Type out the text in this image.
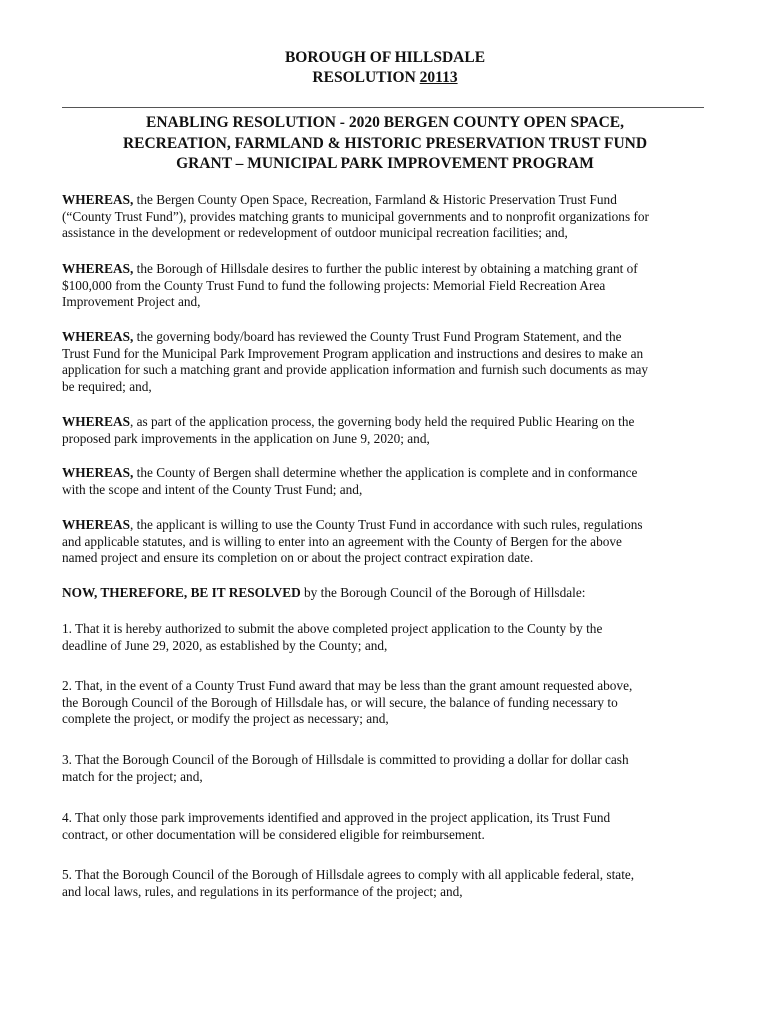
BOROUGH OF HILLSDALE
RESOLUTION 20113
ENABLING RESOLUTION - 2020 BERGEN COUNTY OPEN SPACE,
RECREATION, FARMLAND & HISTORIC PRESERVATION TRUST FUND
GRANT – MUNICIPAL PARK IMPROVEMENT PROGRAM
WHEREAS, the Bergen County Open Space, Recreation, Farmland & Historic Preservation Trust Fund
(“County Trust Fund”), provides matching grants to municipal governments and to nonprofit organizations for
assistance in the development or redevelopment of outdoor municipal recreation facilities; and,
WHEREAS, the Borough of Hillsdale desires to further the public interest by obtaining a matching grant of
$100,000 from the County Trust Fund to fund the following projects: Memorial Field Recreation Area
Improvement Project and,
WHEREAS, the governing body/board has reviewed the County Trust Fund Program Statement, and the
Trust Fund for the Municipal Park Improvement Program application and instructions and desires to make an
application for such a matching grant and provide application information and furnish such documents as may
be required; and,
WHEREAS, as part of the application process, the governing body held the required Public Hearing on the
proposed park improvements in the application on June 9, 2020; and,
WHEREAS, the County of Bergen shall determine whether the application is complete and in conformance
with the scope and intent of the County Trust Fund; and,
WHEREAS, the applicant is willing to use the County Trust Fund in accordance with such rules, regulations
and applicable statutes, and is willing to enter into an agreement with the County of Bergen for the above
named project and ensure its completion on or about the project contract expiration date.
NOW, THEREFORE, BE IT RESOLVED by the Borough Council of the Borough of Hillsdale:
1. That it is hereby authorized to submit the above completed project application to the County by the
deadline of June 29, 2020, as established by the County; and,
2. That, in the event of a County Trust Fund award that may be less than the grant amount requested above,
the Borough Council of the Borough of Hillsdale has, or will secure, the balance of funding necessary to
complete the project, or modify the project as necessary; and,
3. That the Borough Council of the Borough of Hillsdale is committed to providing a dollar for dollar cash
match for the project; and,
4. That only those park improvements identified and approved in the project application, its Trust Fund
contract, or other documentation will be considered eligible for reimbursement.
5. That the Borough Council of the Borough of Hillsdale agrees to comply with all applicable federal, state,
and local laws, rules, and regulations in its performance of the project; and,
